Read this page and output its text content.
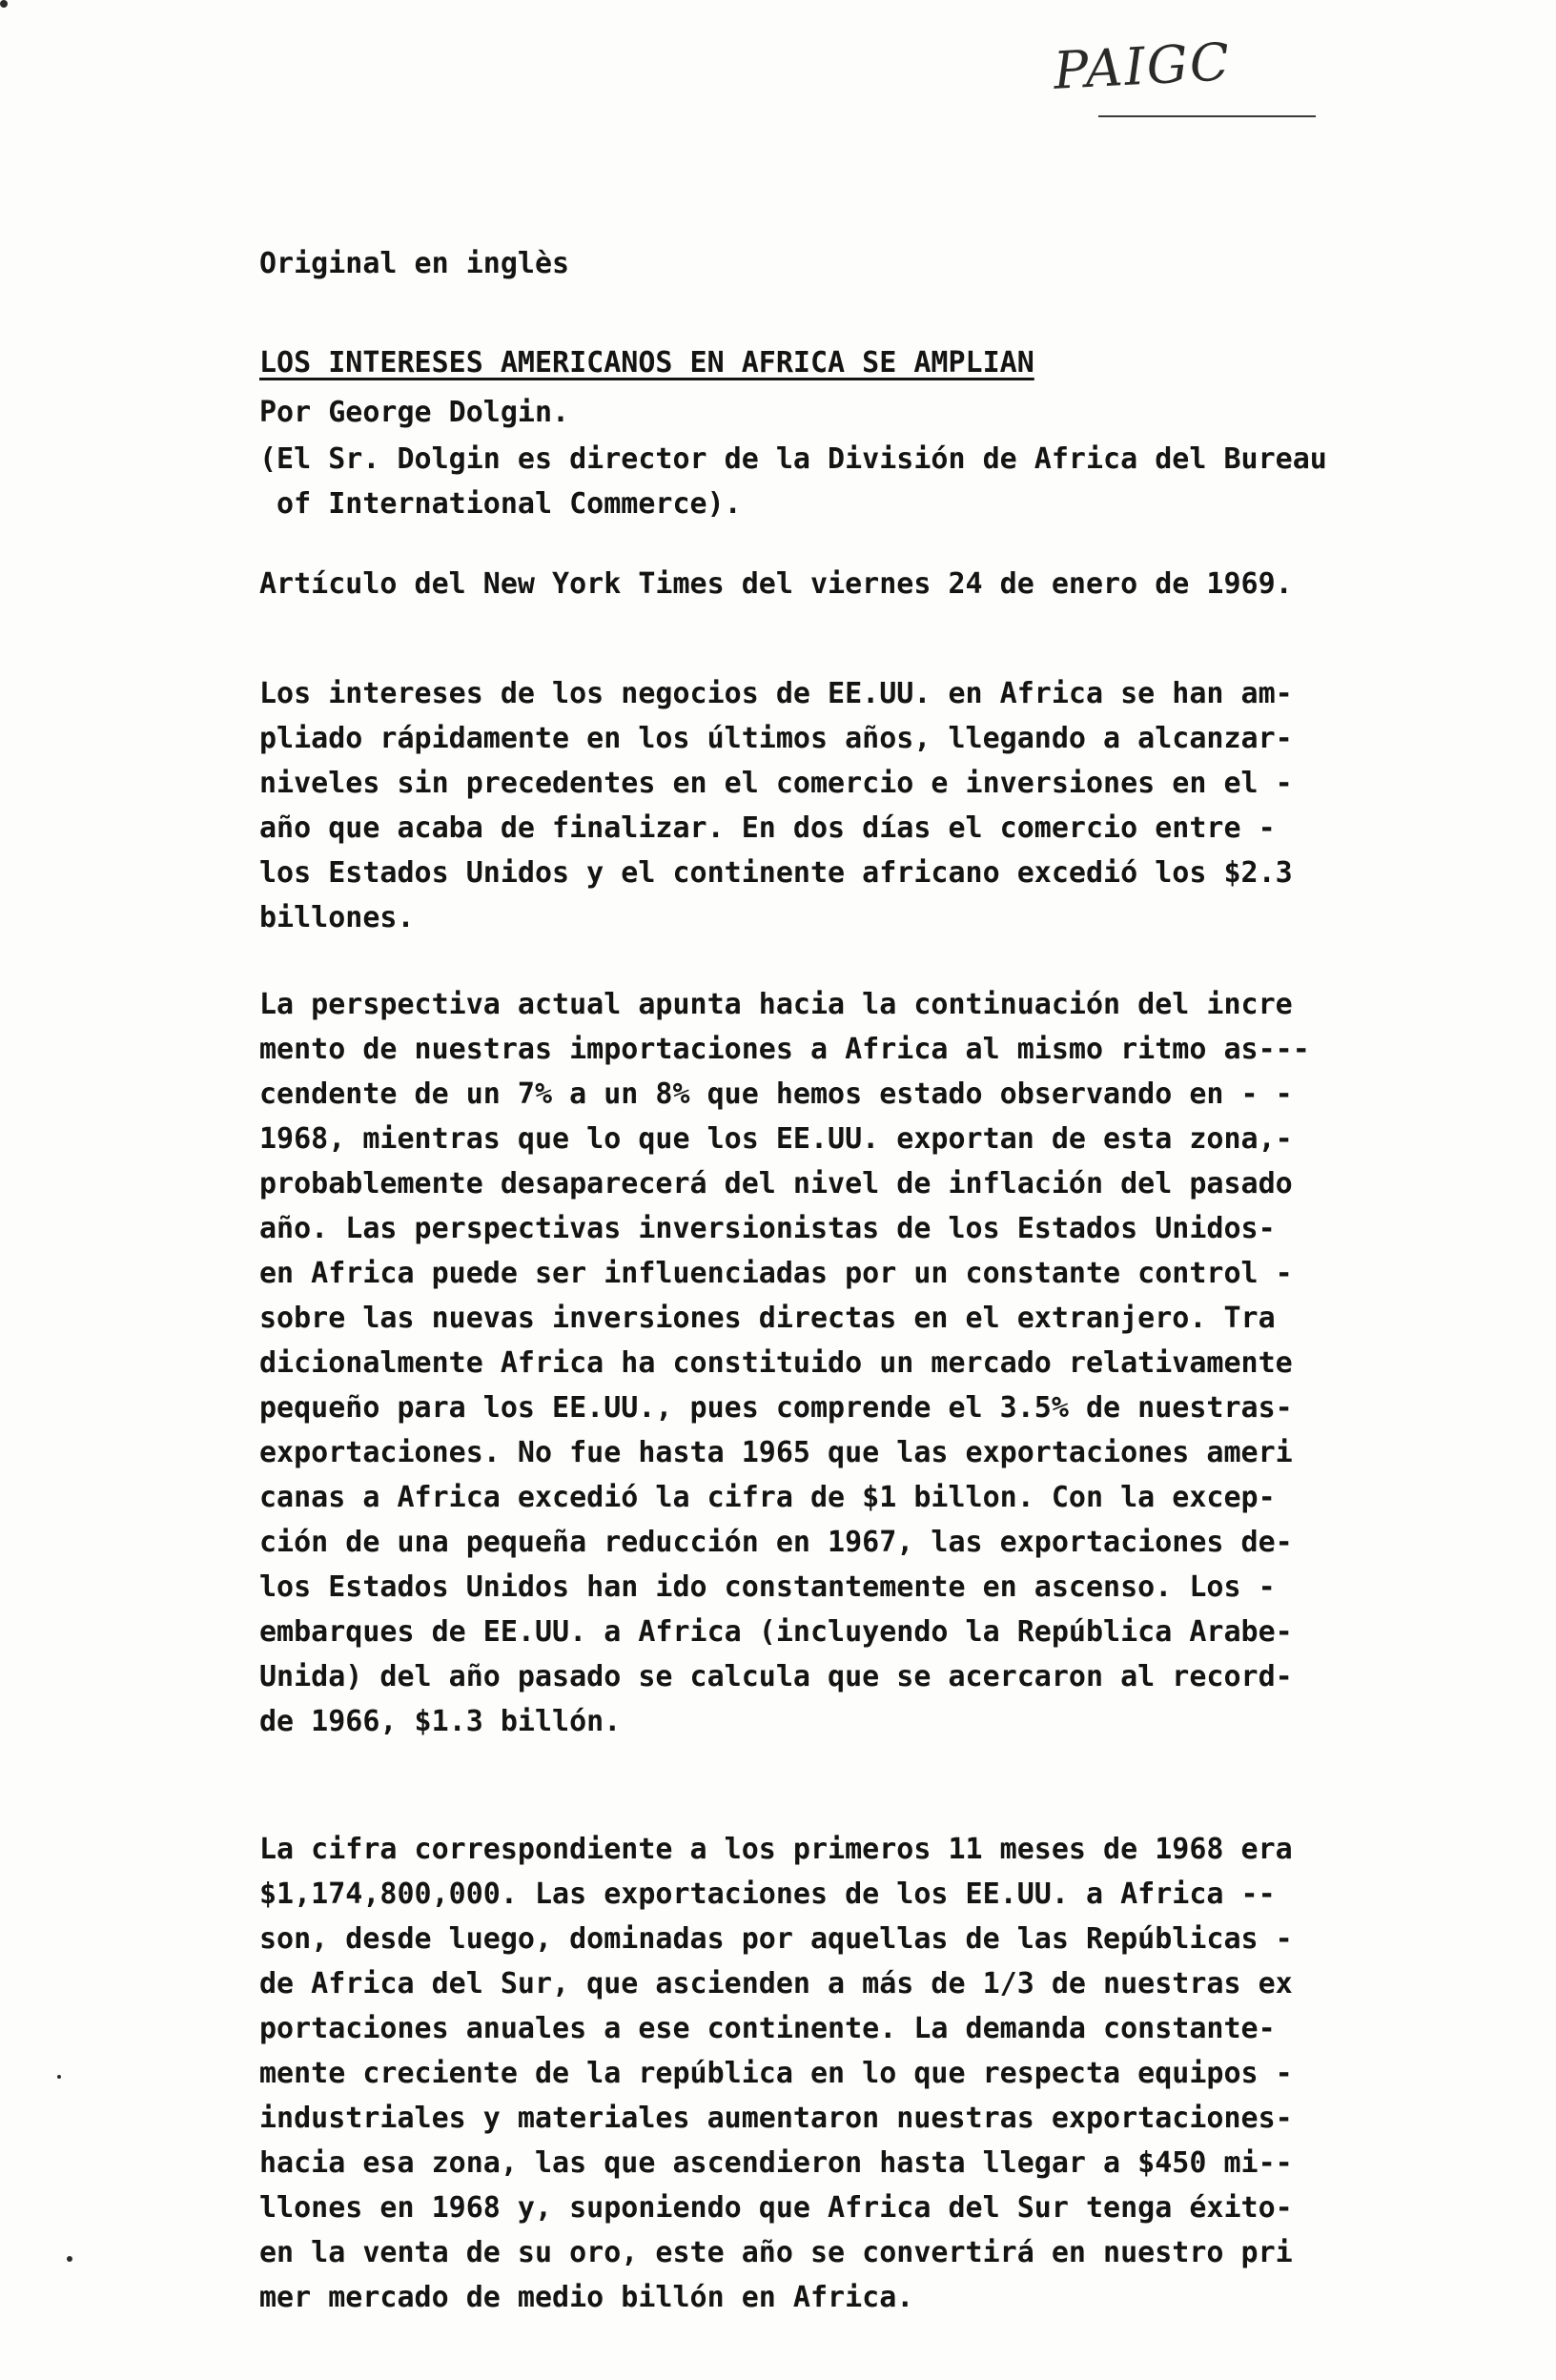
PAIGC
Original en inglès
LOS INTERESES AMERICANOS EN AFRICA SE AMPLIAN
Por George Dolgin.
(El Sr. Dolgin es director de la División de Africa del Bureau
of International Commerce).
Artículo del New York Times del viernes 24 de enero de 1969.
Los intereses de los negocios de EE.UU. en Africa se han am-
pliado rápidamente en los últimos años, llegando a alcanzar-
niveles sin precedentes en el comercio e inversiones en el -
año que acaba de finalizar. En dos días el comercio entre -
los Estados Unidos y el continente africano excedió los $2.3
billones.
La perspectiva actual apunta hacia la continuación del incre
mento de nuestras importaciones a Africa al mismo ritmo as---
cendente de un 7% a un 8% que hemos estado observando en - -
1968, mientras que lo que los EE.UU. exportan de esta zona,-
probablemente desaparecerá del nivel de inflación del pasado
año. Las perspectivas inversionistas de los Estados Unidos-
en Africa puede ser influenciadas por un constante control -
sobre las nuevas inversiones directas en el extranjero. Tra
dicionalmente Africa ha constituido un mercado relativamente
pequeño para los EE.UU., pues comprende el 3.5% de nuestras-
exportaciones. No fue hasta 1965 que las exportaciones ameri
canas a Africa excedió la cifra de $1 billon. Con la excep-
ción de una pequeña reducción en 1967, las exportaciones de-
los Estados Unidos han ido constantemente en ascenso. Los -
embarques de EE.UU. a Africa (incluyendo la República Arabe-
Unida) del año pasado se calcula que se acercaron al record-
de 1966, $1.3 billón.
La cifra correspondiente a los primeros 11 meses de 1968 era
$1,174,800,000. Las exportaciones de los EE.UU. a Africa --
son, desde luego, dominadas por aquellas de las Repúblicas -
de Africa del Sur, que ascienden a más de 1/3 de nuestras ex
portaciones anuales a ese continente. La demanda constante-
mente creciente de la república en lo que respecta equipos -
industriales y materiales aumentaron nuestras exportaciones-
hacia esa zona, las que ascendieron hasta llegar a $450 mi--
llones en 1968 y, suponiendo que Africa del Sur tenga éxito-
en la venta de su oro, este año se convertirá en nuestro pri
mer mercado de medio billón en Africa.
